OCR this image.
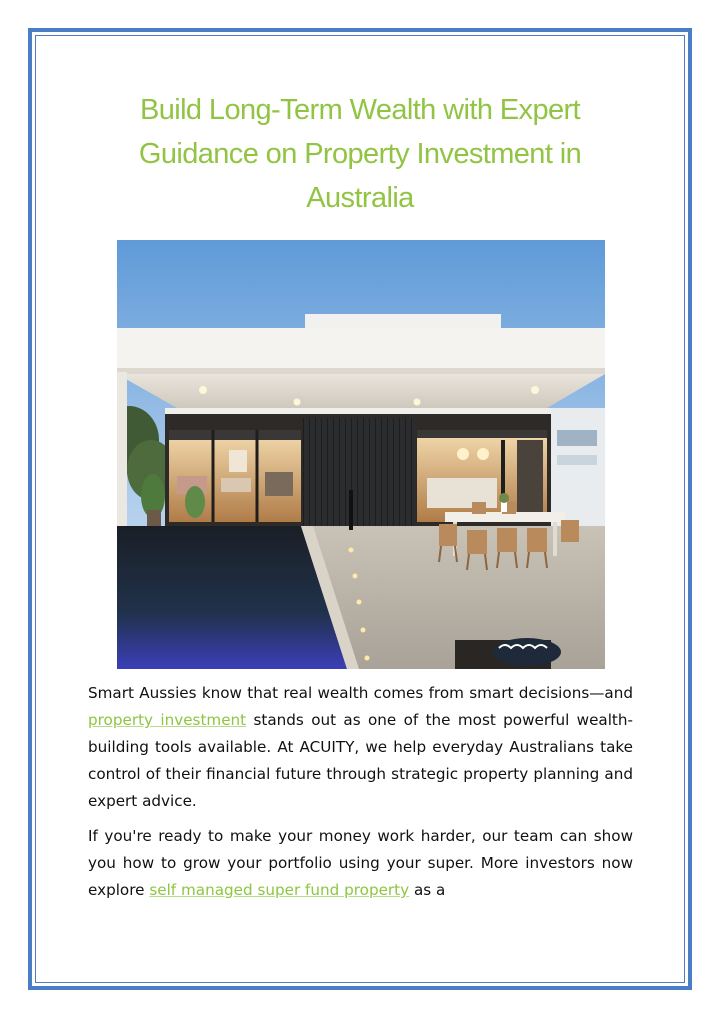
Build Long-Term Wealth with Expert
Guidance on Property Investment in
Australia

Smart Aussies know that real wealth comes from smart decisions—and property investment stands out as one of the most powerful wealth-building tools available. At ACUITY, we help everyday Australians take control of their financial future through strategic property planning and expert advice.

If you're ready to make your money work harder, our team can show you how to grow your portfolio using your super. More investors now explore self managed super fund property as a
